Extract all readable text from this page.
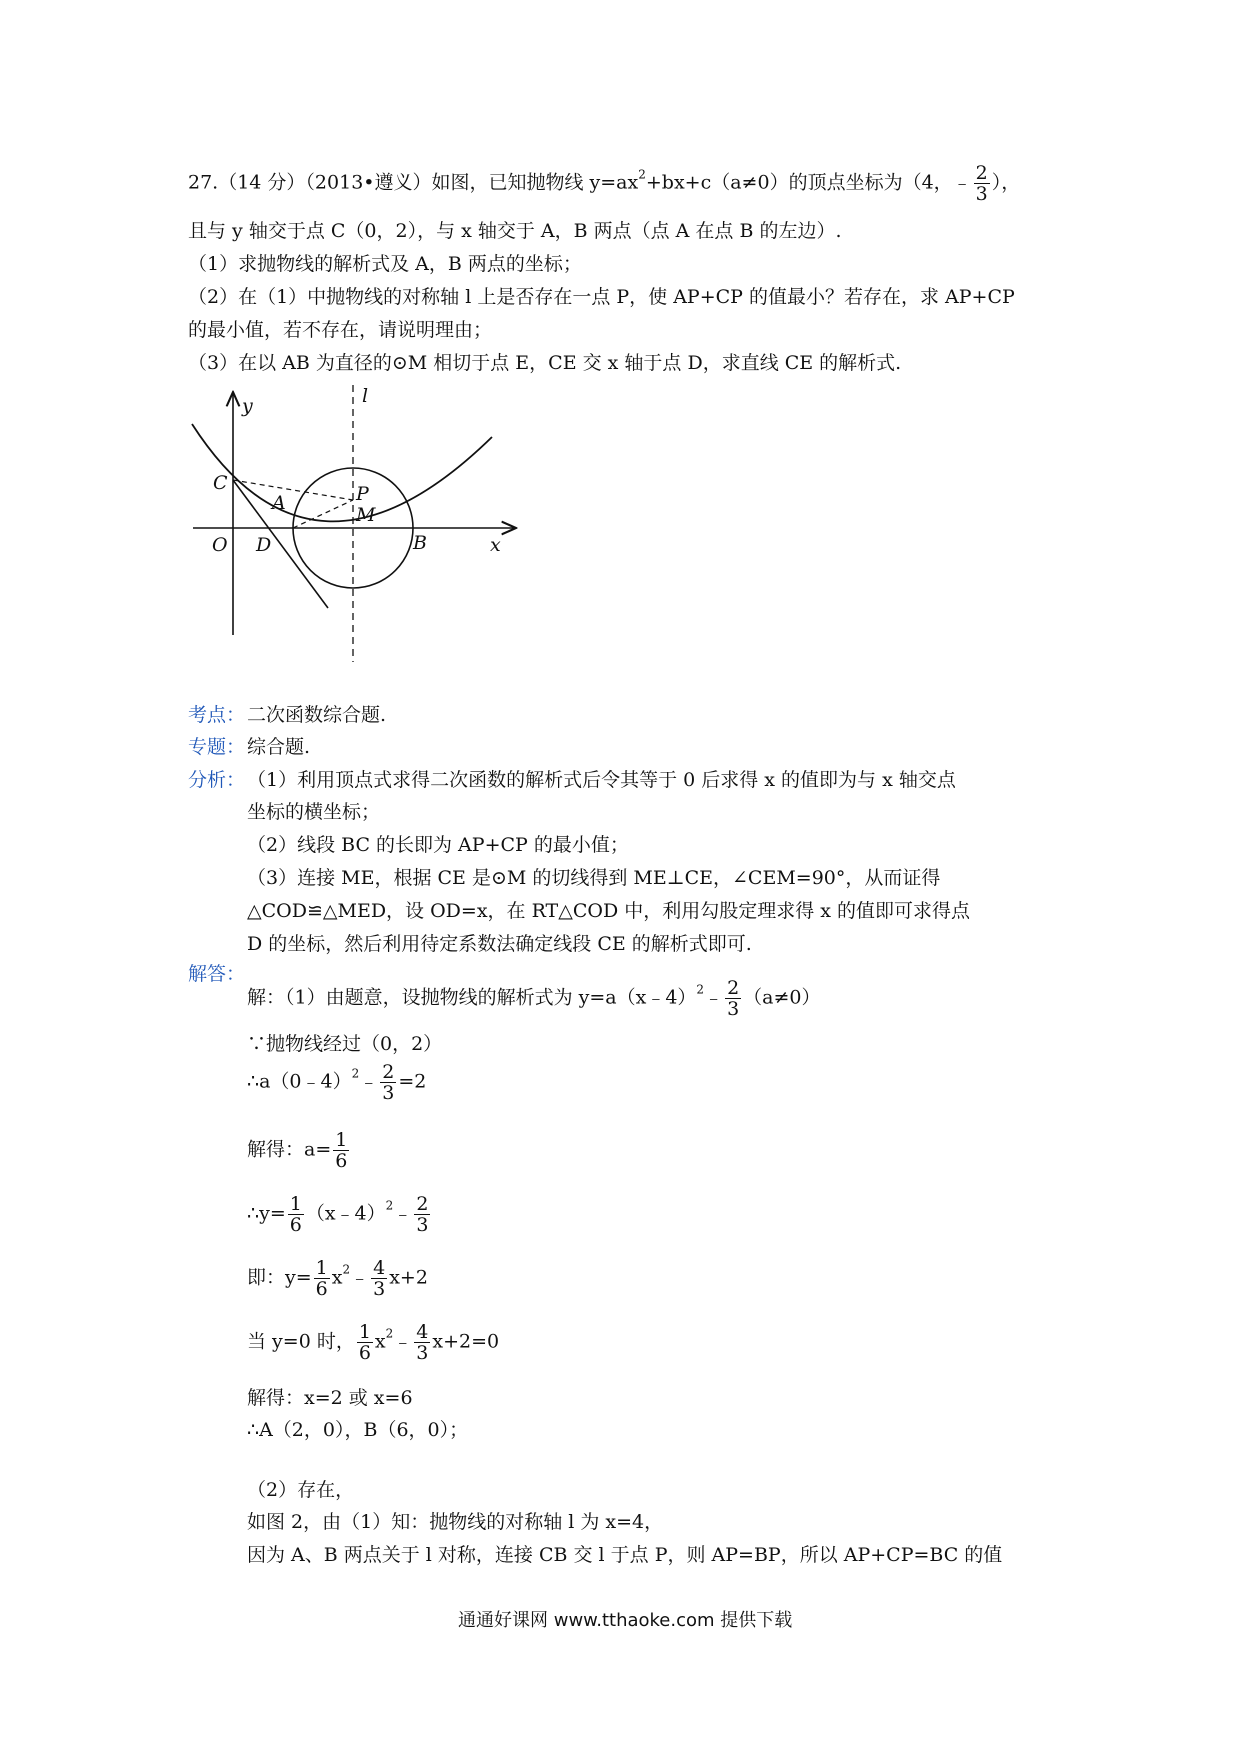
27.（14 分）（2013•遵义）如图，已知抛物线 $y=ax^2+bx+c(a\ne 0)$的顶点坐标为（4，﹣ $\frac{2}{3}$ ），
且与 y 轴交于点 C（0，2），与 x 轴交于 A，B 两点（点 A 在点 B 的左边）.
（1）求抛物线的解析式及 A，B 两点的坐标；
（2）在（1）中抛物线的对称轴 l 上是否存在一点 P，使 AP+CP 的值最小？若存在，求 AP+CP
的最小值，若不存在，请说明理由；
（3）在以 AB 为直径的⊙M 相切于点 E，CE 交 x 轴于点 D，求直线 CE 的解析式.
y	l
C	P
A
M
O D	B	x
考点： 二次函数综合题.
专题： 综合题.
分析： （1）利用顶点式求得二次函数的解析式后令其等于 0 后求得 x 的值即为与 x 轴交点
坐标的横坐标；
（2）线段 BC 的长即为 AP+CP 的最小值；
（3）连接 ME，根据 CE 是⊙M 的切线得到 ME⊥CE，∠CEM=90°，从而证得
△COD≌△MED，设 OD=x，在 RT△COD 中，利用勾股定理求得 x 的值即可求得点
D 的坐标，然后利用待定系数法确定线段 CE 的解析式即可.
解答：
解：（1）由题意，设抛物线的解析式为 y=a（x﹣4）$^2$﹣ $\frac{2}{3} (a\ne 0)$
∵抛物线经过（0，2）
∴a（0﹣4）$^2$﹣ $\frac{2}{3} =2$
解得：$a= \frac{1}{6}$
∴y= $\frac{1}{6}$ （x﹣4）$^2$﹣ $\frac{2}{3}$
即：$y= \frac{1}{6}$ $x^2﹣ \frac{4}{3} x+2$
当 y=0 时， $\frac{1}{6}$ $x^2﹣ \frac{4}{3} x+2=0$
解得：x=2 或 x=6
∴A（2，0），B（6，0）；
（2）存在，
如图 2，由（1）知：抛物线的对称轴 l 为 x=4，
因为 A、B 两点关于 l 对称，连接 CB 交 l 于点 P，则 AP=BP，所以 AP+CP=BC 的值
通通好课网 www.tthaoke.com 提供下载
